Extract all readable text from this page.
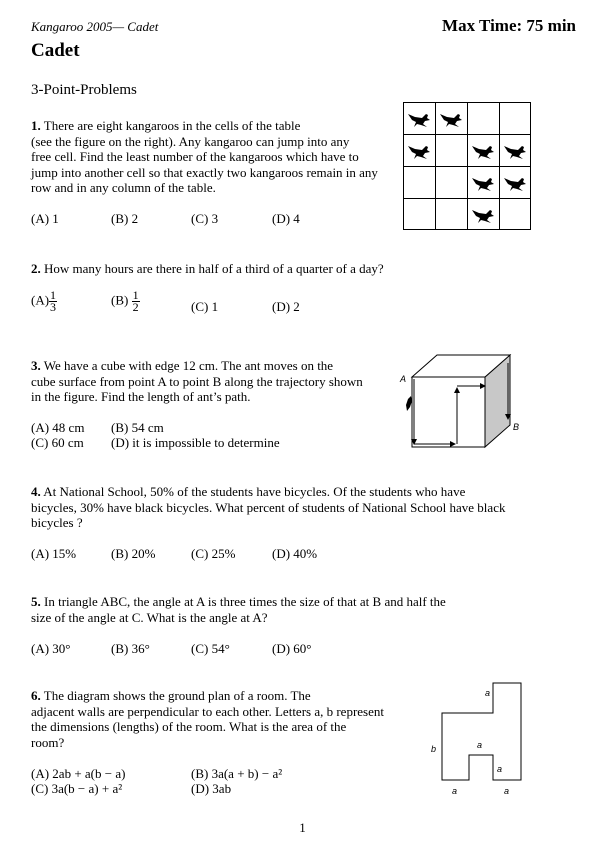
Kangaroo 2005— Cadet	Max Time: 75 min
Cadet
3-Point-Problems
1. There are eight kangaroos in the cells of the table
(see the figure on the right). Any kangaroo can jump into any
free cell. Find the least number of the kangaroos which have to
jump into another cell so that exactly two kangaroos remain in any
row and in any column of the table.
(A) 1	(B) 2	(C) 3	(D) 4
2. How many hours are there in half of a third of a quarter of a day?
$(A) \frac{1}{3}$	$(B) \frac{1}{2}$	(C) 1	(D) 2
3. We have a cube with edge 12 cm. The ant moves on the
cube surface from point A to point B along the trajectory shown
in the figure. Find the length of ant’s path.
(A) 48 cm (B) 54 cm
(C) 60 cm (D) it is impossible to determine
A
B
4. At National School, 50% of the students have bicycles. Of the students who have
bicycles, 30% have black bicycles. What percent of students of National School have black
bicycles ?
(A) 15%	(B) 20%	(C) 25%	(D) 40%
5. In triangle ABC, the angle at A is three times the size of that at B and half the
size of the angle at C. What is the angle at A?
(A) 30°	(B) 36°	(C) 54°	(D) 60°
6. The diagram shows the ground plan of a room. The
adjacent walls are perpendicular to each other. Letters a, b represent
the dimensions (lengths) of the room. What is the area of the
room?
(A) 2ab + a(b − a)	(B) 3a(a + b) − a²
(C) 3a(b − a) + a²	(D) 3ab
a
b	a
a
a	a
1
